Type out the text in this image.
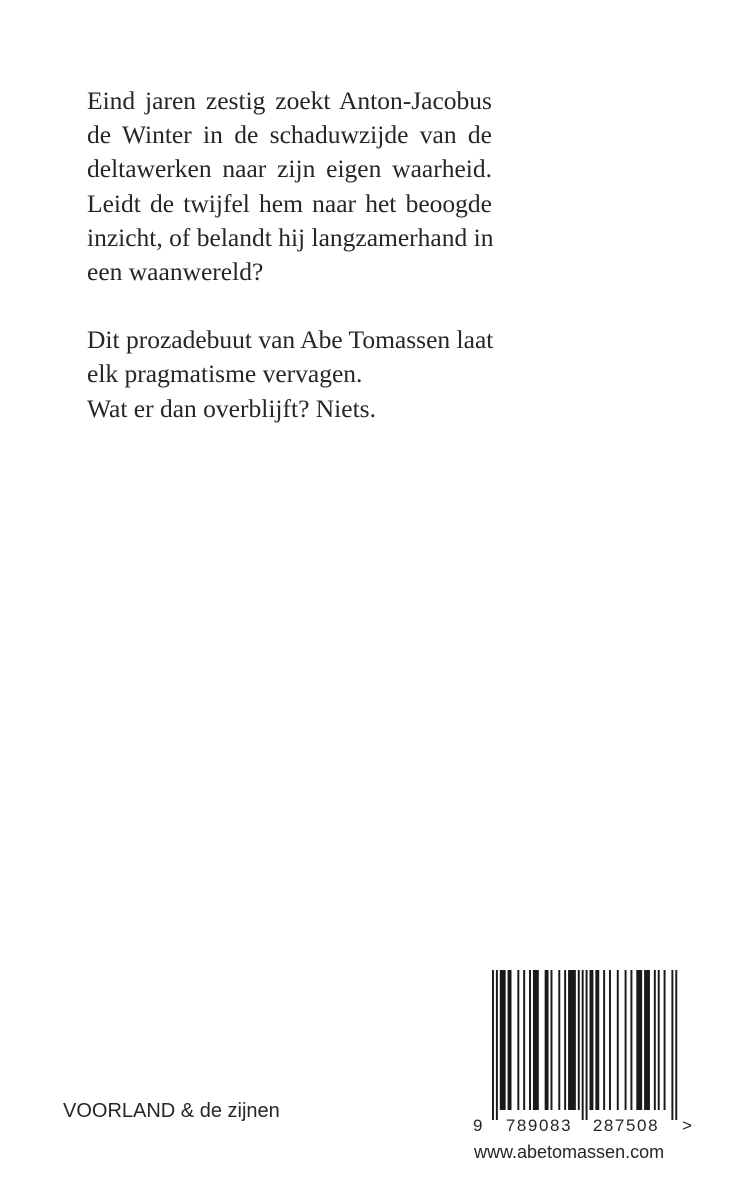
Eind jaren zestig zoekt Anton-Jacobus
de Winter in de schaduwzijde van de
deltawerken naar zijn eigen waarheid.
Leidt de twijfel hem naar het beoogde
inzicht, of belandt hij langzamerhand in
een waanwereld?

Dit prozadebuut van Abe Tomassen laat
elk pragmatisme vervagen.
Wat er dan overblijft? Niets.

VOORLAND & de zijnen
9 789083 287508 >
www.abetomassen.com
